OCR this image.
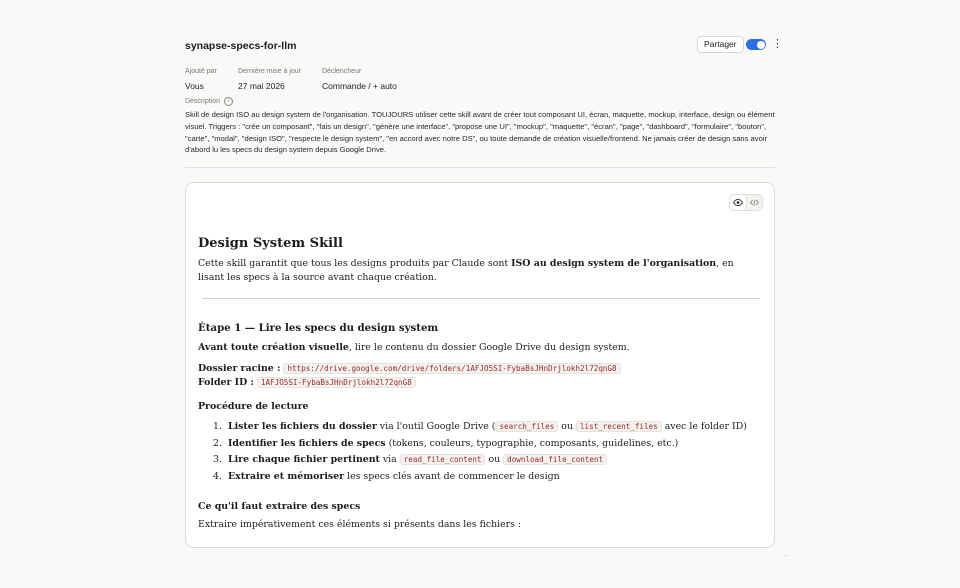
synapse-specs-for-llm	Partager	⋮
Ajouté par
Vous
Dernière mise à jour
27 mai 2026
Déclencheur
Commande / + auto
Description	i
Skill de design ISO au design system de l'organisation. TOUJOURS utiliser cette skill avant de créer tout composant UI, écran, maquette, mockup, interface, design ou élément visuel. Triggers : "crée un composant", "fais un design", "génère une interface", "propose une UI", "mockup", "maquette", "écran", "page", "dashboard", "formulaire", "bouton", "carte", "modal", "design ISO", "respecte le design system", "en accord avec notre DS", ou toute demande de création visuelle/frontend. Ne jamais créer de design sans avoir d'abord lu les specs du design system depuis Google Drive.
Design System Skill
Cette skill garantit que tous les designs produits par Claude sont ISO au design system de l'organisation, en lisant les specs à la source avant chaque création.
Étape 1 — Lire les specs du design system
Avant toute création visuelle, lire le contenu du dossier Google Drive du design system.
Dossier racine : https://drive.google.com/drive/folders/1AFJO5SI-FybaBsJHnDrjlokh2l72qnG8
Folder ID : 1AFJO5SI-FybaBsJHnDrjlokh2l72qnG8
Procédure de lecture
1. Lister les fichiers du dossier via l'outil Google Drive ( search_files ou list_recent_files avec le folder ID)
2. Identifier les fichiers de specs (tokens, couleurs, typographie, composants, guidelines, etc.)
3. Lire chaque fichier pertinent via read_file_content ou download_file_content
4. Extraire et mémoriser les specs clés avant de commencer le design
Ce qu'il faut extraire des specs
Extraire impérativement ces éléments si présents dans les fichiers :
